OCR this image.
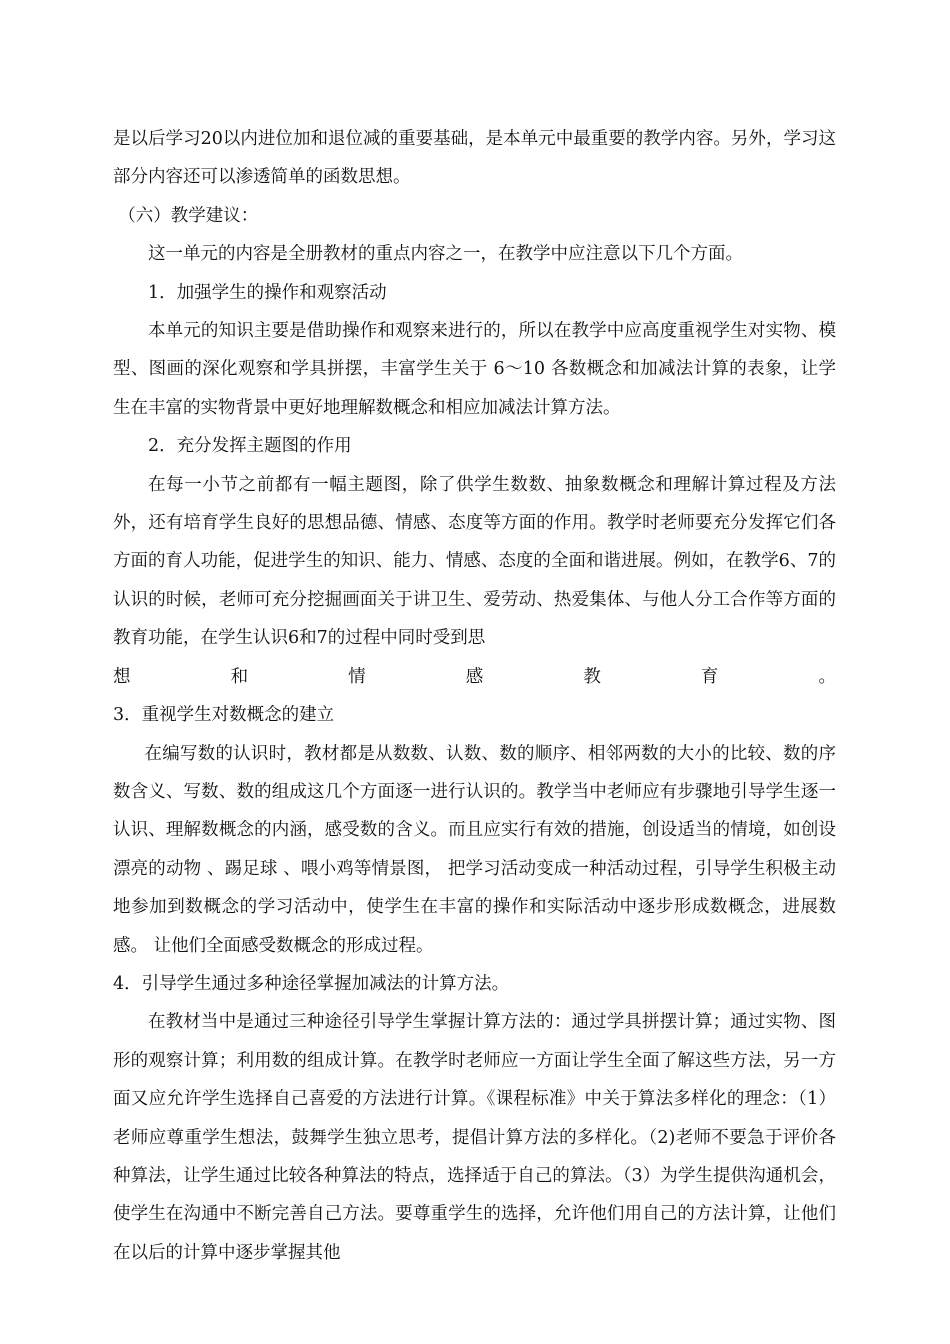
是以后学习20以内进位加和退位减的重要基础，是本单元中最重要的教学内容。另外，学习这部分内容还可以渗透简单的函数思想。

（六）教学建议：

这一单元的内容是全册教材的重点内容之一，在教学中应注意以下几个方面。

1．加强学生的操作和观察活动

本单元的知识主要是借助操作和观察来进行的，所以在教学中应高度重视学生对实物、模型、图画的深化观察和学具拼摆，丰富学生关于 6～10 各数概念和加减法计算的表象，让学生在丰富的实物背景中更好地理解数概念和相应加减法计算方法。

2．充分发挥主题图的作用

在每一小节之前都有一幅主题图，除了供学生数数、抽象数概念和理解计算过程及方法外，还有培育学生良好的思想品德、情感、态度等方面的作用。教学时老师要充分发挥它们各方面的育人功能，促进学生的知识、能力、情感、态度的全面和谐进展。例如，在教学6、7的认识的时候，老师可充分挖掘画面关于讲卫生、爱劳动、热爱集体、与他人分工合作等方面的教育功能，在学生认识6和7的过程中同时受到思

想	和	情	感	教	育	。

3．重视学生对数概念的建立

在编写数的认识时，教材都是从数数、认数、数的顺序、相邻两数的大小的比较、数的序数含义、写数、数的组成这几个方面逐一进行认识的。教学当中老师应有步骤地引导学生逐一认识、理解数概念的内涵，感受数的含义。而且应实行有效的措施，创设适当的情境，如创设漂亮的动物 、踢足球 、喂小鸡等情景图， 把学习活动变成一种活动过程，引导学生积极主动地参加到数概念的学习活动中，使学生在丰富的操作和实际活动中逐步形成数概念，进展数感。 让他们全面感受数概念的形成过程。

4．引导学生通过多种途径掌握加减法的计算方法。

在教材当中是通过三种途径引导学生掌握计算方法的：通过学具拼摆计算；通过实物、图形的观察计算；利用数的组成计算。在教学时老师应一方面让学生全面了解这些方法，另一方面又应允许学生选择自己喜爱的方法进行计算。《课程标准》中关于算法多样化的理念：（1）老师应尊重学生想法，鼓舞学生独立思考，提倡计算方法的多样化。（2)老师不要急于评价各种算法，让学生通过比较各种算法的特点，选择适于自己的算法。（3）为学生提供沟通机会，使学生在沟通中不断完善自己方法。要尊重学生的选择，允许他们用自己的方法计算，让他们在以后的计算中逐步掌握其他
